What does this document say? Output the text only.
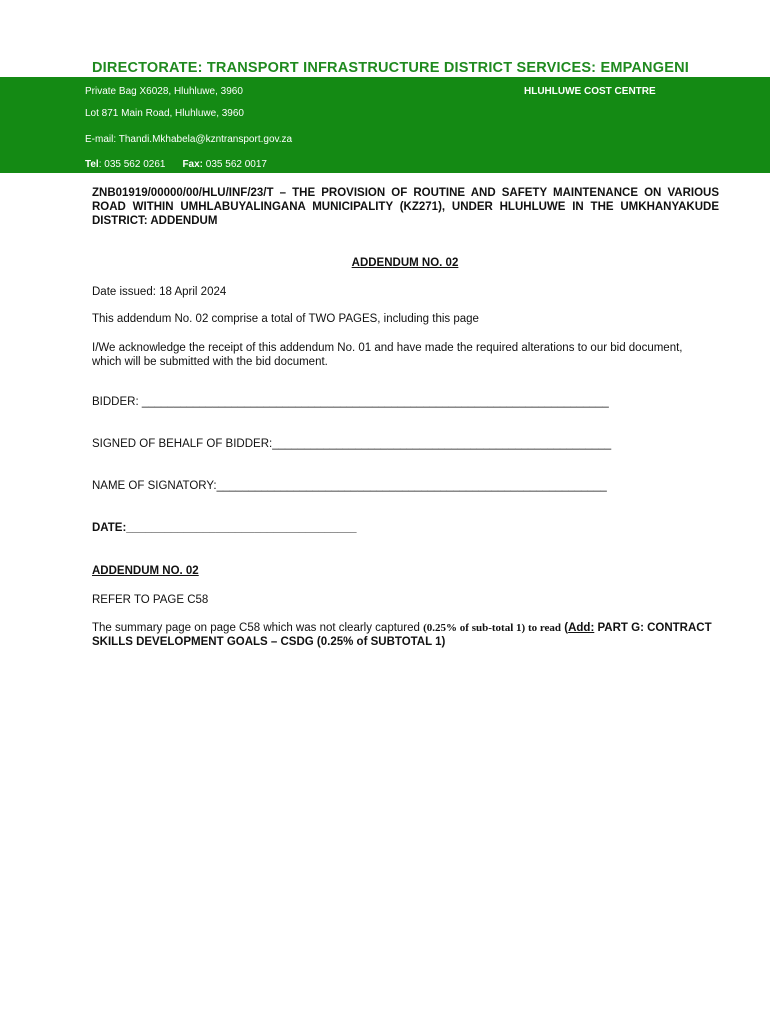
DIRECTORATE: TRANSPORT INFRASTRUCTURE DISTRICT SERVICES: EMPANGENI
Private Bag X6028, Hluhluwe, 3960	HLUHLUWE COST CENTRE
Lot 871 Main Road, Hluhluwe, 3960
E-mail: Thandi.Mkhabela@kzntransport.gov.za
Tel: 035 562 0261 Fax: 035 562 0017
ZNB01919/00000/00/HLU/INF/23/T – THE PROVISION OF ROUTINE AND SAFETY MAINTENANCE ON VARIOUS ROAD WITHIN UMHLABUYALINGANA MUNICIPALITY (KZ271), UNDER HLUHLUWE IN THE UMKHANYAKUDE DISTRICT: ADDENDUM
ADDENDUM NO. 02
Date issued: 18 April 2024
This addendum No. 02 comprise a total of TWO PAGES, including this page
I/We acknowledge the receipt of this addendum No. 01 and have made the required alterations to our bid document, which will be submitted with the bid document.
BIDDER: _________________________________________________________________________
SIGNED OF BEHALF OF BIDDER:_____________________________________________________
NAME OF SIGNATORY:_____________________________________________________________
DATE:____________________________________
ADDENDUM NO. 02
REFER TO PAGE C58
The summary page on page C58 which was not clearly captured (0.25% of sub-total 1) to read (Add: PART G: CONTRACT SKILLS DEVELOPMENT GOALS – CSDG (0.25% of SUBTOTAL 1)
